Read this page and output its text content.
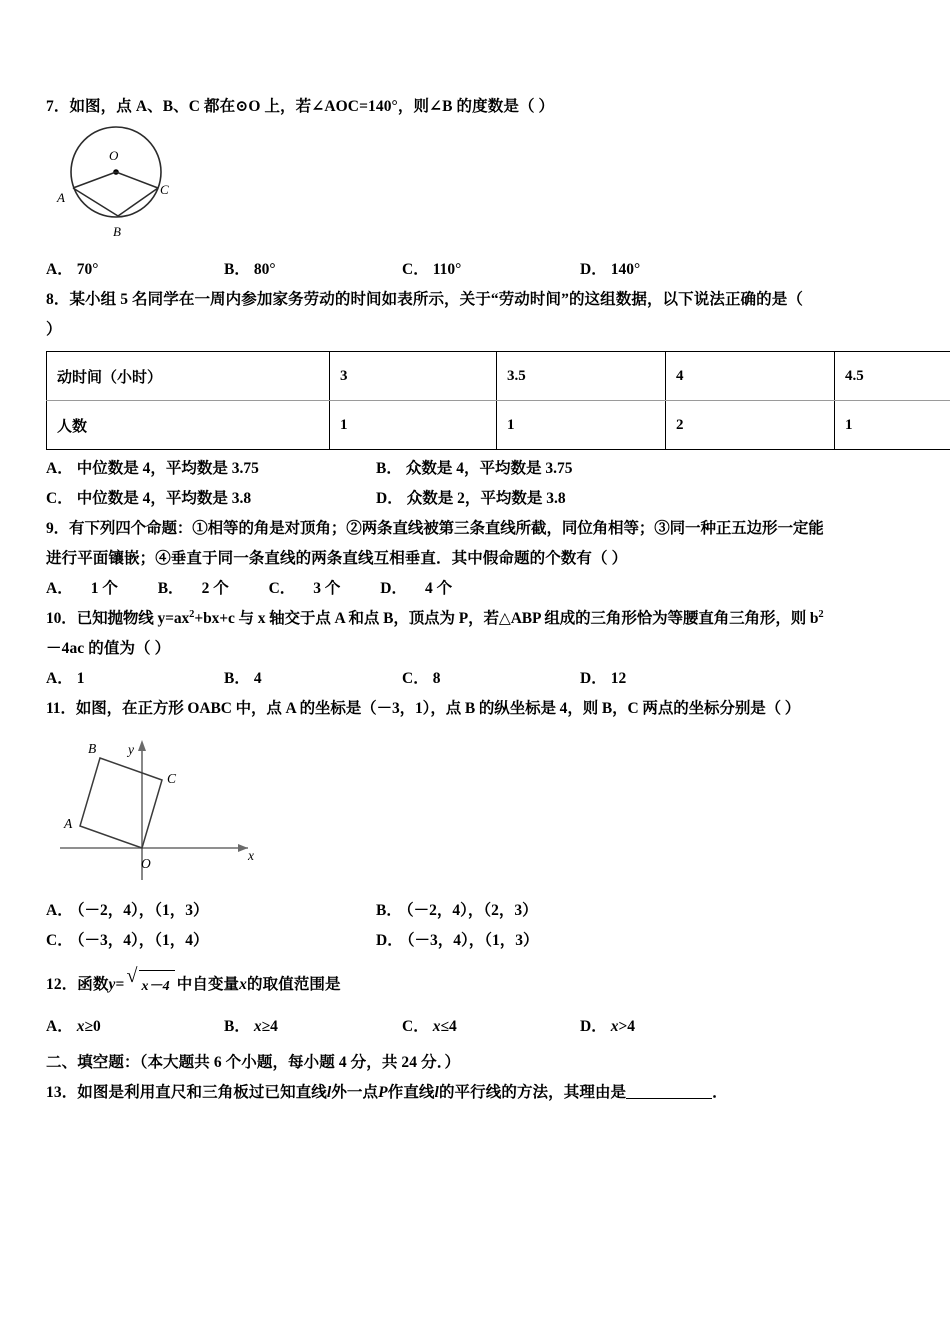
7．如图，点 A、B、C 都在⊙O 上，若∠AOC=140°，则∠B 的度数是（ ）
O
A
B
C
A． 70°	B． 80°	C． 110°	D． 140°
8．某小组 5 名同学在一周内参加家务劳动的时间如表所示，关于“劳动时间”的这组数据，以下说法正确的是（
）
动时间（小时）	3	3.5	4	4.5
人数	1	1	2	1
A． 中位数是 4，平均数是 3.75	B． 众数是 4，平均数是 3.75
C． 中位数是 4，平均数是 3.8	D． 众数是 2，平均数是 3.8
9．有下列四个命题：①相等的角是对顶角；②两条直线被第三条直线所截，同位角相等；③同一种正五边形一定能
进行平面镶嵌；④垂直于同一条直线的两条直线互相垂直．其中假命题的个数有（ ）
A． 1 个	B． 2 个	C． 3 个	D． 4 个
10．已知抛物线 $y=ax^2+bx+c$ 与 x 轴交于点 A 和点 B，顶点为 P，若△ABP 组成的三角形恰为等腰直角三角形，则 $b^2$
－4ac 的值为（ ）
A． 1	B． 4	C． 8	D． 12
11．如图，在正方形 OABC 中，点 A 的坐标是（－3，1），点 B 的纵坐标是 4，则 B，C 两点的坐标分别是（ ）
B
A
C
O
x
y
A． （－2，4），（1，3）	B． （－2，4），（2，3）
C． （－3，4），（1，4）	D． （－3，4），（1，3）
12．函数y= √ x－4 中自变量x的取值范围是
A． x≥0	B． x≥4	C． x≤4	D． x>4
二、填空题：（本大题共 6 个小题，每小题 4 分，共 24 分．）
13．如图是利用直尺和三角板过已知直线l外一点P作直线l的平行线的方法，其理由是	．
